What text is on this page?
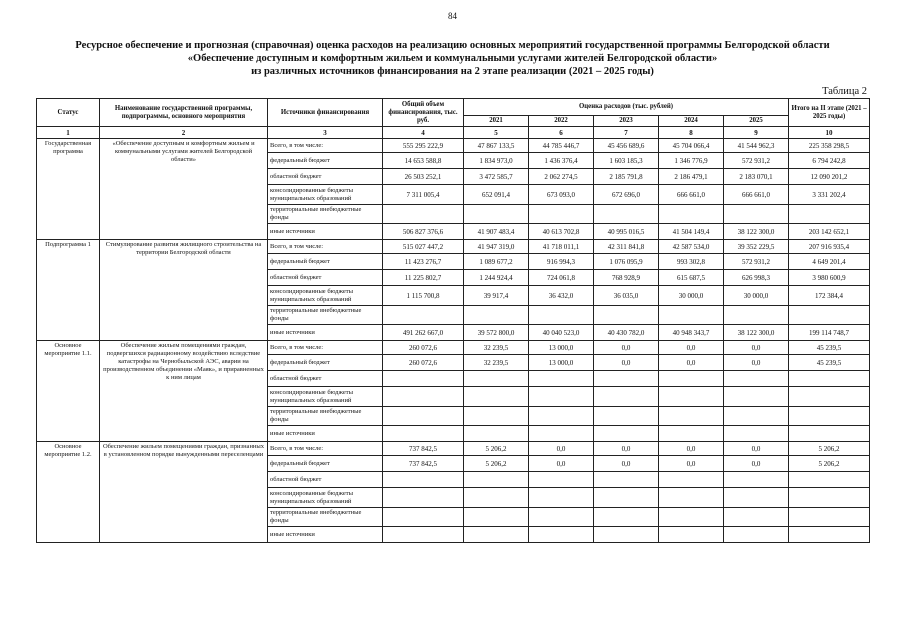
84
Ресурсное обеспечение и прогнозная (справочная) оценка расходов на реализацию основных мероприятий государственной программы Белгородской области
«Обеспечение доступным и комфортным жильем и коммунальными услугами жителей Белгородской области»
из различных источников финансирования на 2 этапе реализации (2021 – 2025 годы)
Таблица 2
Статус	Наименование государственной программы, подпрограммы, основного мероприятия	Источники финансирования	Общий объем финансирования, тыс. руб.	Оценка расходов (тыс. рублей)					Итого на II этапе (2021 – 2025 годы)
				2021	2022	2023	2024	2025	
1	2	3	4	5	6	7	8	9	10
Государственная программа	«Обеспечение доступным и комфортным жильем и коммунальными услугами жителей Белгородской области»	Всего, в том числе:	555 295 222,9	47 867 133,5	44 785 446,7	45 456 689,6	45 704 066,4	41 544 962,3	225 358 298,5
		федеральный бюджет	14 653 588,8	1 834 973,0	1 436 376,4	1 603 185,3	1 346 776,9	572 931,2	6 794 242,8
		областной бюджет	26 503 252,1	3 472 585,7	2 062 274,5	2 185 791,8	2 186 479,1	2 183 070,1	12 090 201,2
		консолидированные бюджеты муниципальных образований	7 311 005,4	652 091,4	673 093,0	672 696,0	666 661,0	666 661,0	3 331 202,4
		территориальные внебюджетные фонды							
		иные источники	506 827 376,6	41 907 483,4	40 613 702,8	40 995 016,5	41 504 149,4	38 122 300,0	203 142 652,1
Подпрограмма 1	Стимулирование развития жилищного строительства на территории Белгородской области	Всего, в том числе:	515 027 447,2	41 947 319,0	41 718 011,1	42 311 841,8	42 587 534,0	39 352 229,5	207 916 935,4
		федеральный бюджет	11 423 276,7	1 089 677,2	916 994,3	1 076 095,9	993 302,8	572 931,2	4 649 201,4
		областной бюджет	11 225 802,7	1 244 924,4	724 061,8	768 928,9	615 687,5	626 998,3	3 980 600,9
		консолидированные бюджеты муниципальных образований	1 115 700,8	39 917,4	36 432,0	36 035,0	30 000,0	30 000,0	172 384,4
		территориальные внебюджетные фонды							
		иные источники	491 262 667,0	39 572 800,0	40 040 523,0	40 430 782,0	40 948 343,7	38 122 300,0	199 114 748,7
Основное мероприятие 1.1.	Обеспечение жильем помещениями граждан, подвергшихся радиационному воздействию вследствие катастрофы на Чернобыльской АЭС, аварии на производственном объединении «Маяк», и приравненных к ним лицам	Всего, в том числе:	260 072,6	32 239,5	13 000,0	0,0	0,0	0,0	45 239,5
		федеральный бюджет	260 072,6	32 239,5	13 000,0	0,0	0,0	0,0	45 239,5
		областной бюджет							
		консолидированные бюджеты муниципальных образований							
		территориальные внебюджетные фонды							
		иные источники							
Основное мероприятие 1.2.	Обеспечение жильем помещениями граждан, признанных в установленном порядке вынужденными переселенцами	Всего, в том числе:	737 842,5	5 206,2	0,0	0,0	0,0	0,0	5 206,2
		федеральный бюджет	737 842,5	5 206,2	0,0	0,0	0,0	0,0	5 206,2
		областной бюджет							
		консолидированные бюджеты муниципальных образований							
		территориальные внебюджетные фонды							
		иные источники							
